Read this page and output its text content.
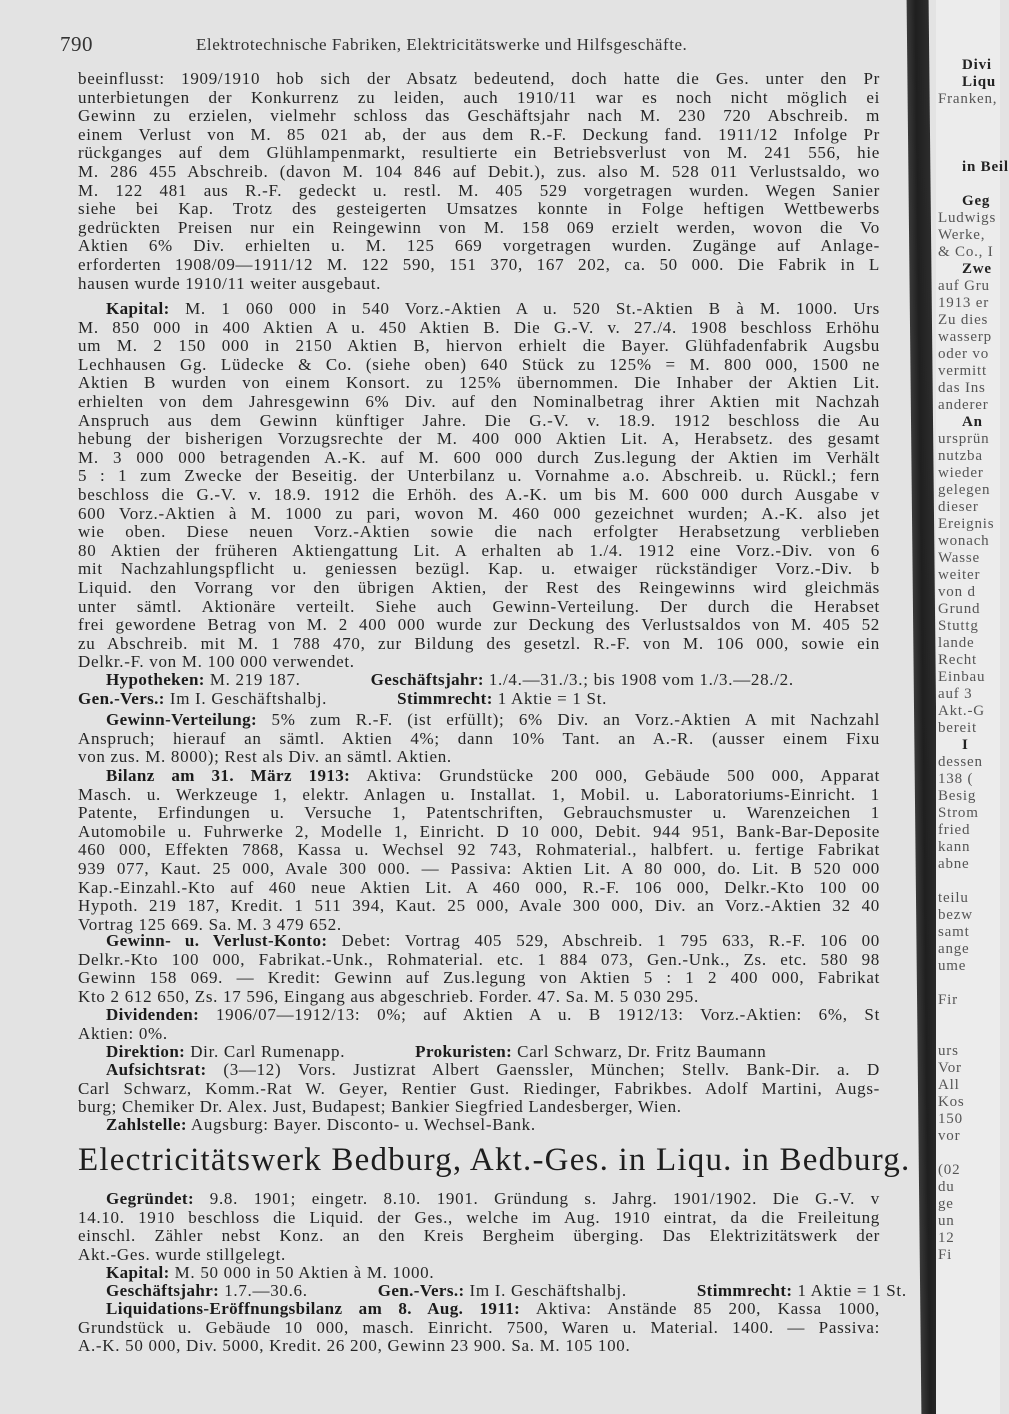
790	Elektrotechnische Fabriken, Elektricitätswerke und Hilfsgeschäfte.
Electricitätswerk Bedburg, Akt.-Ges. in Liqu. in Bedburg.
beeinflusst: 1909/1910 hob sich der Absatz bedeutend, doch hatte die Ges. unter den Pr
unterbietungen der Konkurrenz zu leiden, auch 1910/11 war es noch nicht möglich ei
Gewinn zu erzielen, vielmehr schloss das Geschäftsjahr nach M. 230 720 Abschreib. m
einem Verlust von M. 85 021 ab, der aus dem R.-F. Deckung fand. 1911/12 Infolge Pr
rückganges auf dem Glühlampenmarkt, resultierte ein Betriebsverlust von M. 241 556, hie
M. 286 455 Abschreib. (davon M. 104 846 auf Debit.), zus. also M. 528 011 Verlustsaldo, wo
M. 122 481 aus R.-F. gedeckt u. restl. M. 405 529 vorgetragen wurden. Wegen Sanier
siehe bei Kap. Trotz des gesteigerten Umsatzes konnte in Folge heftigen Wettbewerbs
gedrückten Preisen nur ein Reingewinn von M. 158 069 erzielt werden, wovon die Vo
Aktien 6% Div. erhielten u. M. 125 669 vorgetragen wurden. Zugänge auf Anlage-
erforderten 1908/09—1911/12 M. 122 590, 151 370, 167 202, ca. 50 000. Die Fabrik in L
hausen wurde 1910/11 weiter ausgebaut.
Kapital: M. 1 060 000 in 540 Vorz.-Aktien A u. 520 St.-Aktien B à M. 1000. Urs
M. 850 000 in 400 Aktien A u. 450 Aktien B. Die G.-V. v. 27./4. 1908 beschloss Erhöhu
um M. 2 150 000 in 2150 Aktien B, hiervon erhielt die Bayer. Glühfadenfabrik Augsbu
Lechhausen Gg. Lüdecke & Co. (siehe oben) 640 Stück zu 125% = M. 800 000, 1500 ne
Aktien B wurden von einem Konsort. zu 125% übernommen. Die Inhaber der Aktien Lit.
erhielten von dem Jahresgewinn 6% Div. auf den Nominalbetrag ihrer Aktien mit Nachzah
Anspruch aus dem Gewinn künftiger Jahre. Die G.-V. v. 18.9. 1912 beschloss die Au
hebung der bisherigen Vorzugsrechte der M. 400 000 Aktien Lit. A, Herabsetz. des gesamt
M. 3 000 000 betragenden A.-K. auf M. 600 000 durch Zus.legung der Aktien im Verhält
5 : 1 zum Zwecke der Beseitig. der Unterbilanz u. Vornahme a.o. Abschreib. u. Rückl.; fern
beschloss die G.-V. v. 18.9. 1912 die Erhöh. des A.-K. um bis M. 600 000 durch Ausgabe v
600 Vorz.-Aktien à M. 1000 zu pari, wovon M. 460 000 gezeichnet wurden; A.-K. also jet
wie oben. Diese neuen Vorz.-Aktien sowie die nach erfolgter Herabsetzung verblieben
80 Aktien der früheren Aktiengattung Lit. A erhalten ab 1./4. 1912 eine Vorz.-Div. von 6
mit Nachzahlungspflicht u. geniessen bezügl. Kap. u. etwaiger rückständiger Vorz.-Div. b
Liquid. den Vorrang vor den übrigen Aktien, der Rest des Reingewinns wird gleichmäs
unter sämtl. Aktionäre verteilt. Siehe auch Gewinn-Verteilung. Der durch die Herabset
frei gewordene Betrag von M. 2 400 000 wurde zur Deckung des Verlustsaldos von M. 405 52
zu Abschreib. mit M. 1 788 470, zur Bildung des gesetzl. R.-F. von M. 106 000, sowie ein
Delkr.-F. von M. 100 000 verwendet.
Hypotheken: M. 219 187.	Geschäftsjahr: 1./4.—31./3.; bis 1908 vom 1./3.—28./2.
Gen.-Vers.: Im I. Geschäftshalbj.	Stimmrecht: 1 Aktie = 1 St.
Gewinn-Verteilung: 5% zum R.-F. (ist erfüllt); 6% Div. an Vorz.-Aktien A mit Nachzahl
Anspruch; hierauf an sämtl. Aktien 4%; dann 10% Tant. an A.-R. (ausser einem Fixu
von zus. M. 8000); Rest als Div. an sämtl. Aktien.
Bilanz am 31. März 1913: Aktiva: Grundstücke 200 000, Gebäude 500 000, Apparat
Masch. u. Werkzeuge 1, elektr. Anlagen u. Installat. 1, Mobil. u. Laboratoriums-Einricht. 1
Patente, Erfindungen u. Versuche 1, Patentschriften, Gebrauchsmuster u. Warenzeichen 1
Automobile u. Fuhrwerke 2, Modelle 1, Einricht. D 10 000, Debit. 944 951, Bank-Bar-Deposite
460 000, Effekten 7868, Kassa u. Wechsel 92 743, Rohmaterial., halbfert. u. fertige Fabrikat
939 077, Kaut. 25 000, Avale 300 000. — Passiva: Aktien Lit. A 80 000, do. Lit. B 520 000
Kap.-Einzahl.-Kto auf 460 neue Aktien Lit. A 460 000, R.-F. 106 000, Delkr.-Kto 100 00
Hypoth. 219 187, Kredit. 1 511 394, Kaut. 25 000, Avale 300 000, Div. an Vorz.-Aktien 32 40
Vortrag 125 669. Sa. M. 3 479 652.
Gewinn- u. Verlust-Konto: Debet: Vortrag 405 529, Abschreib. 1 795 633, R.-F. 106 00
Delkr.-Kto 100 000, Fabrikat.-Unk., Rohmaterial. etc. 1 884 073, Gen.-Unk., Zs. etc. 580 98
Gewinn 158 069. — Kredit: Gewinn auf Zus.legung von Aktien 5 : 1 2 400 000, Fabrikat
Kto 2 612 650, Zs. 17 596, Eingang aus abgeschrieb. Forder. 47. Sa. M. 5 030 295.
Dividenden: 1906/07—1912/13: 0%; auf Aktien A u. B 1912/13: Vorz.-Aktien: 6%, St
Aktien: 0%.
Direktion: Dir. Carl Rumenapp.	Prokuristen: Carl Schwarz, Dr. Fritz Baumann
Aufsichtsrat: (3—12) Vors. Justizrat Albert Gaenssler, München; Stellv. Bank-Dir. a. D
Carl Schwarz, Komm.-Rat W. Geyer, Rentier Gust. Riedinger, Fabrikbes. Adolf Martini, Augs-
burg; Chemiker Dr. Alex. Just, Budapest; Bankier Siegfried Landesberger, Wien.
Zahlstelle: Augsburg: Bayer. Disconto- u. Wechsel-Bank.
Gegründet: 9.8. 1901; eingetr. 8.10. 1901. Gründung s. Jahrg. 1901/1902. Die G.-V. v
14.10. 1910 beschloss die Liquid. der Ges., welche im Aug. 1910 eintrat, da die Freileitung
einschl. Zähler nebst Konz. an den Kreis Bergheim überging. Das Elektrizitätswerk der
Akt.-Ges. wurde stillgelegt.
Kapital: M. 50 000 in 50 Aktien à M. 1000.
Geschäftsjahr: 1.7.—30.6.	Gen.-Vers.: Im I. Geschäftshalbj.	Stimmrecht: 1 Aktie = 1 St.
Liquidations-Eröffnungsbilanz am 8. Aug. 1911: Aktiva: Anstände 85 200, Kassa 1000,
Grundstück u. Gebäude 10 000, masch. Einricht. 7500, Waren u. Material. 1400. — Passiva:
A.-K. 50 000, Div. 5000, Kredit. 26 200, Gewinn 23 900. Sa. M. 105 100.
Divi
Liqu
Franken,
in Beil
Geg
Ludwigs
Werke,
& Co., I
Zwe
auf Gru
1913 er
Zu dies
wasserp
oder vo
vermitt
das Ins
anderer
An
ursprün
nutzba
wieder
gelegen
dieser
Ereignis
wonach
Wasse
weiter
von d
Grund
Stuttg
lande
Recht
Einbau
auf 3
Akt.-G
bereit
I
dessen
138 (
Besig
Strom
fried
kann
abne
teilu
bezw
samt
ange
ume
Fir
urs
Vor
All
Kos
150
vor
(02
du
ge
un
12
Fi
